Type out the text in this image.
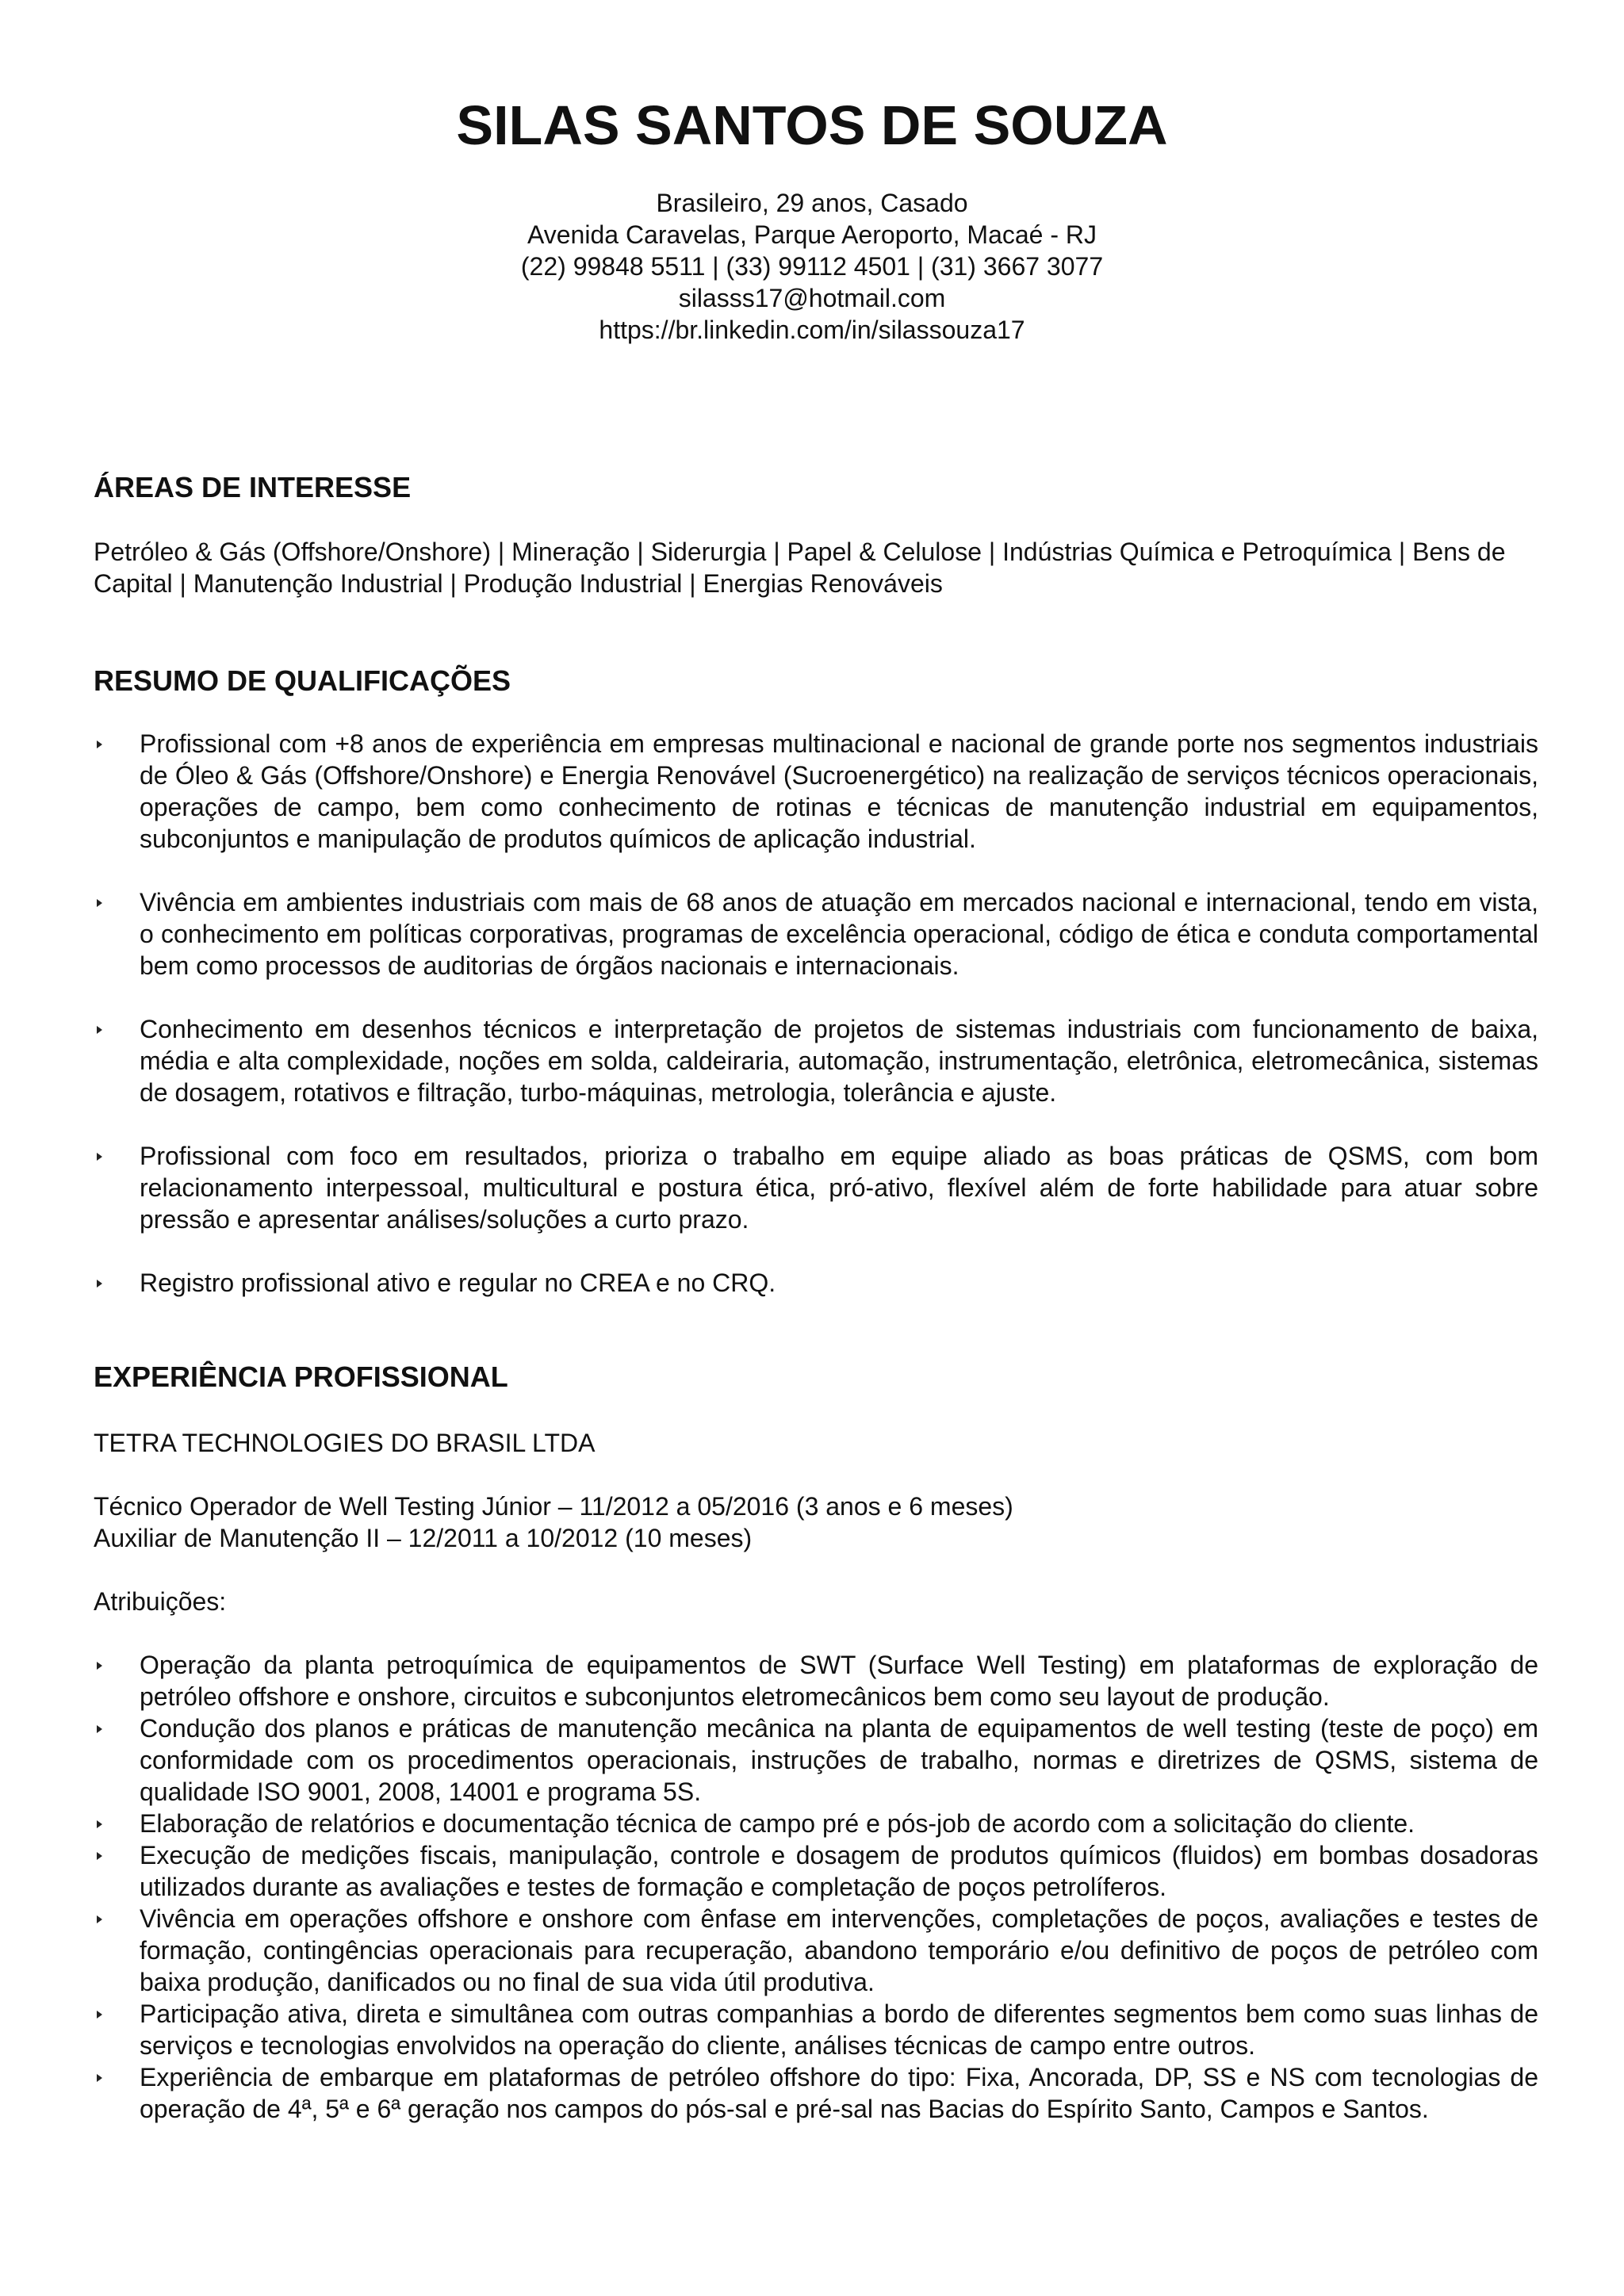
SILAS SANTOS DE SOUZA
Brasileiro, 29 anos, Casado
Avenida Caravelas, Parque Aeroporto, Macaé - RJ
(22) 99848 5511 | (33) 99112 4501 | (31) 3667 3077
silasss17@hotmail.com
https://br.linkedin.com/in/silassouza17
ÁREAS DE INTERESSE
Petróleo & Gás (Offshore/Onshore) | Mineração | Siderurgia | Papel & Celulose | Indústrias Química e Petroquímica | Bens de Capital | Manutenção Industrial | Produção Industrial | Energias Renováveis
RESUMO DE QUALIFICAÇÕES
Profissional com +8 anos de experiência em empresas multinacional e nacional de grande porte nos segmentos industriais de Óleo & Gás (Offshore/Onshore) e Energia Renovável (Sucroenergético) na realização de serviços técnicos operacionais, operações de campo, bem como conhecimento de rotinas e técnicas de manutenção industrial em equipamentos, subconjuntos e manipulação de produtos químicos de aplicação industrial.
Vivência em ambientes industriais com mais de 68 anos de atuação em mercados nacional e internacional, tendo em vista, o conhecimento em políticas corporativas, programas de excelência operacional, código de ética e conduta comportamental bem como processos de auditorias de órgãos nacionais e internacionais.
Conhecimento em desenhos técnicos e interpretação de projetos de sistemas industriais com funcionamento de baixa, média e alta complexidade, noções em solda, caldeiraria, automação, instrumentação, eletrônica, eletromecânica, sistemas de dosagem, rotativos e filtração, turbo-máquinas, metrologia, tolerância e ajuste.
Profissional com foco em resultados, prioriza o trabalho em equipe aliado as boas práticas de QSMS, com bom relacionamento interpessoal, multicultural e postura ética, pró-ativo, flexível além de forte habilidade para atuar sobre pressão e apresentar análises/soluções a curto prazo.
Registro profissional ativo e regular no CREA e no CRQ.
EXPERIÊNCIA PROFISSIONAL
TETRA TECHNOLOGIES DO BRASIL LTDA
Técnico Operador de Well Testing Júnior – 11/2012 a 05/2016 (3 anos e 6 meses)
Auxiliar de Manutenção II – 12/2011 a 10/2012 (10 meses)
Atribuições:
Operação da planta petroquímica de equipamentos de SWT (Surface Well Testing) em plataformas de exploração de petróleo offshore e onshore, circuitos e subconjuntos eletromecânicos bem como seu layout de produção.
Condução dos planos e práticas de manutenção mecânica na planta de equipamentos de well testing (teste de poço) em conformidade com os procedimentos operacionais, instruções de trabalho, normas e diretrizes de QSMS, sistema de qualidade ISO 9001, 2008, 14001 e programa 5S.
Elaboração de relatórios e documentação técnica de campo pré e pós-job de acordo com a solicitação do cliente.
Execução de medições fiscais, manipulação, controle e dosagem de produtos químicos (fluidos) em bombas dosadoras utilizados durante as avaliações e testes de formação e completação de poços petrolíferos.
Vivência em operações offshore e onshore com ênfase em intervenções, completações de poços, avaliações e testes de formação, contingências operacionais para recuperação, abandono temporário e/ou definitivo de poços de petróleo com baixa produção, danificados ou no final de sua vida útil produtiva.
Participação ativa, direta e simultânea com outras companhias a bordo de diferentes segmentos bem como suas linhas de serviços e tecnologias envolvidos na operação do cliente, análises técnicas de campo entre outros.
Experiência de embarque em plataformas de petróleo offshore do tipo: Fixa, Ancorada, DP, SS e NS com tecnologias de operação de 4ª, 5ª e 6ª geração nos campos do pós-sal e pré-sal nas Bacias do Espírito Santo, Campos e Santos.
